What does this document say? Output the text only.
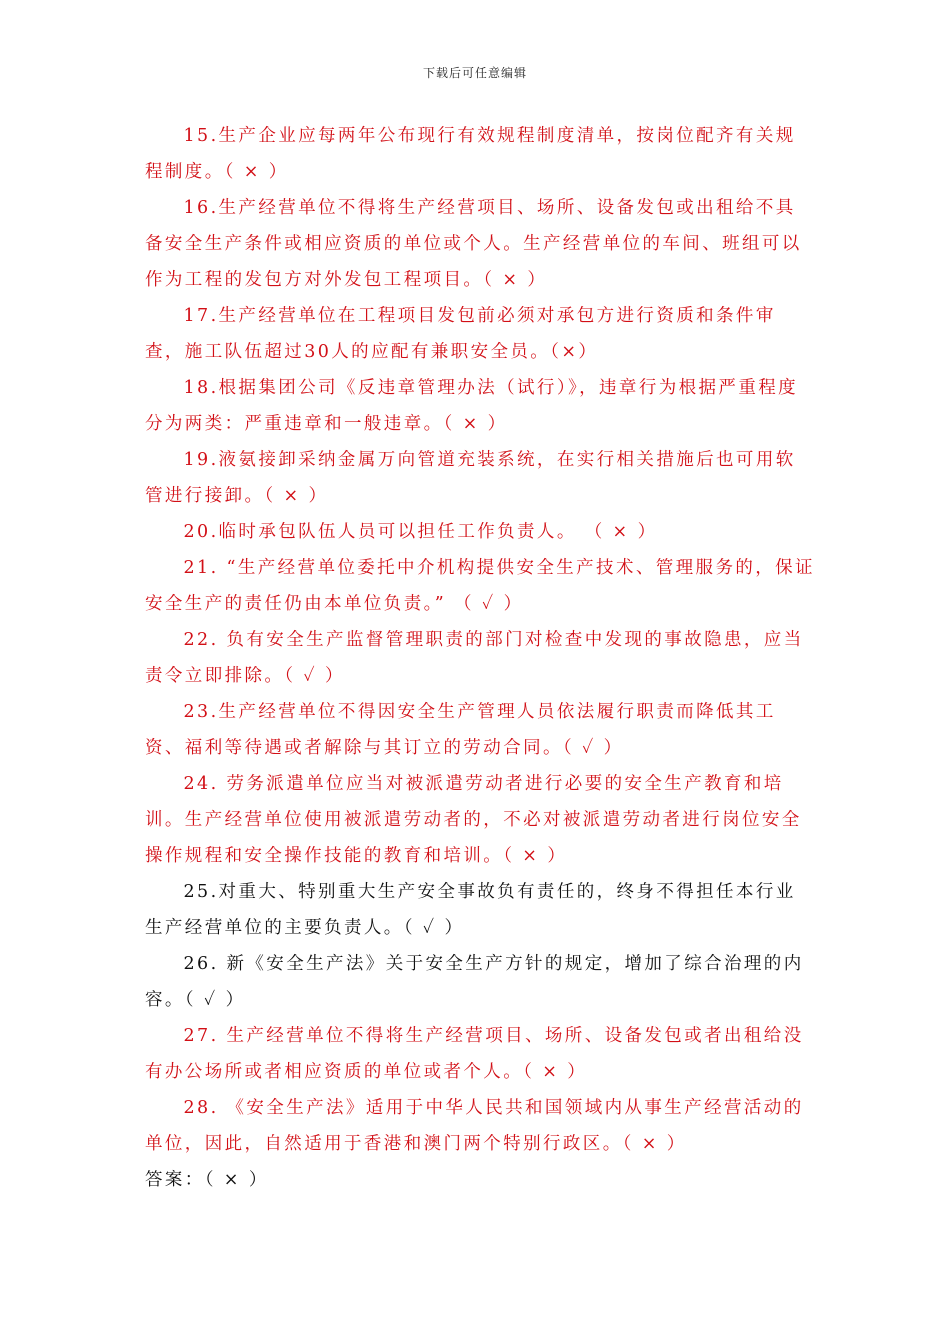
下载后可任意编辑

15.生产企业应每两年公布现行有效规程制度清单，按岗位配齐有关规程制度。（ × ）

16.生产经营单位不得将生产经营项目、场所、设备发包或出租给不具备安全生产条件或相应资质的单位或个人。生产经营单位的车间、班组可以作为工程的发包方对外发包工程项目。（ × ）

17.生产经营单位在工程项目发包前必须对承包方进行资质和条件审查，施工队伍超过30人的应配有兼职安全员。（×）

18.根据集团公司《反违章管理办法（试行）》，违章行为根据严重程度分为两类：严重违章和一般违章。（ × ）

19.液氨接卸采纳金属万向管道充装系统，在实行相关措施后也可用软管进行接卸。（ × ）

20.临时承包队伍人员可以担任工作负责人。 （ × ）

21. “生产经营单位委托中介机构提供安全生产技术、管理服务的，保证安全生产的责任仍由本单位负责。” （ ✓ ）

22. 负有安全生产监督管理职责的部门对检查中发现的事故隐患，应当责令立即排除。（ ✓ ）

23.生产经营单位不得因安全生产管理人员依法履行职责而降低其工资、福利等待遇或者解除与其订立的劳动合同。（ ✓ ）

24. 劳务派遣单位应当对被派遣劳动者进行必要的安全生产教育和培训。生产经营单位使用被派遣劳动者的，不必对被派遣劳动者进行岗位安全操作规程和安全操作技能的教育和培训。（ × ）

25.对重大、特别重大生产安全事故负有责任的，终身不得担任本行业生产经营单位的主要负责人。（ ✓ ）

26. 新《安全生产法》关于安全生产方针的规定，增加了综合治理的内容。（ ✓ ）

27. 生产经营单位不得将生产经营项目、场所、设备发包或者出租给没有办公场所或者相应资质的单位或者个人。（ × ）

28. 《安全生产法》适用于中华人民共和国领域内从事生产经营活动的单位，因此，自然适用于香港和澳门两个特别行政区。（ × ）

答案：（ × ）
